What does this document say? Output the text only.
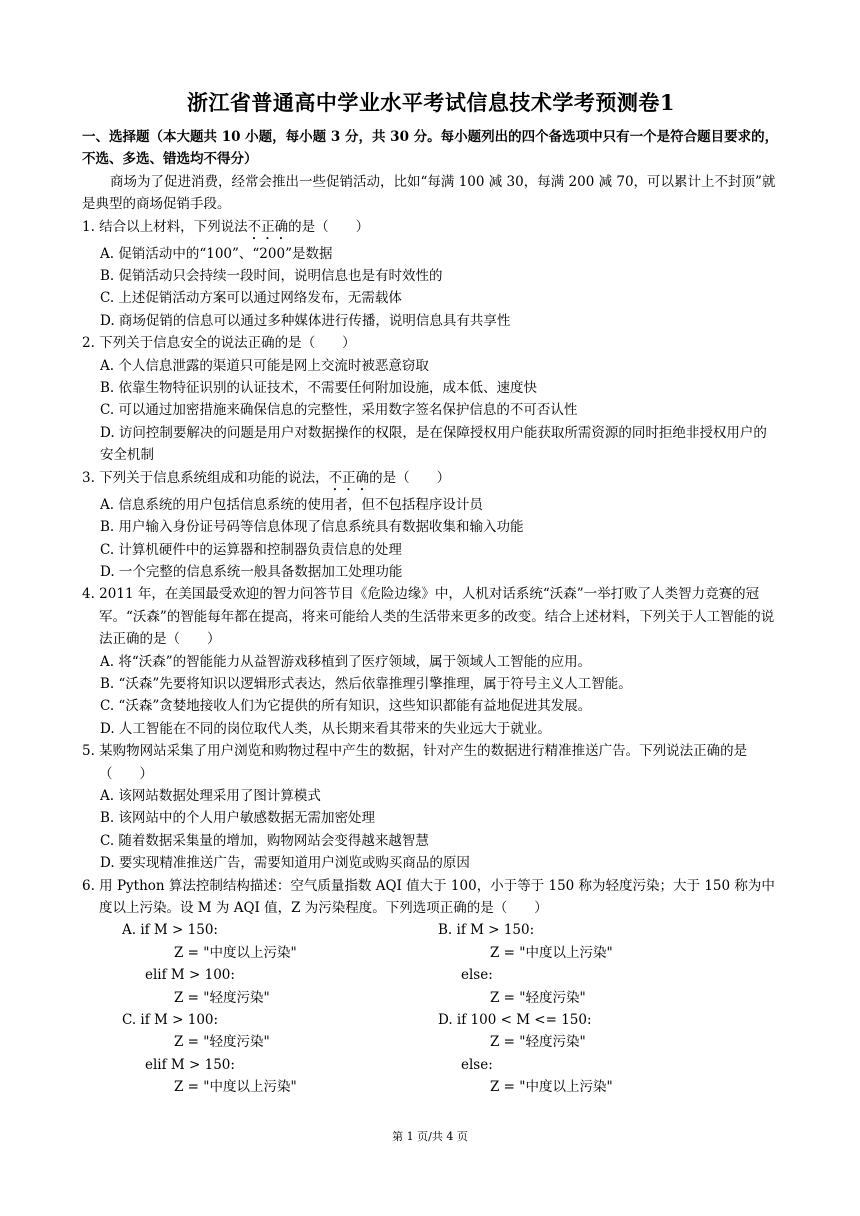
浙江省普通高中学业水平考试信息技术学考预测卷1
一、选择题（本大题共 10 小题，每小题 3 分，共 30 分。每小题列出的四个备选项中只有一个是符合题目要求的，不选、多选、错选均不得分）
商场为了促进消费，经常会推出一些促销活动，比如“每满 100 减 30，每满 200 减 70，可以累计上不封顶”就是典型的商场促销手段。
1. 结合以上材料，下列说法不正确的是（　　）
A. 促销活动中的“100”、“200”是数据
B. 促销活动只会持续一段时间，说明信息也是有时效性的
C. 上述促销活动方案可以通过网络发布，无需载体
D. 商场促销的信息可以通过多种媒体进行传播，说明信息具有共享性
2. 下列关于信息安全的说法正确的是（　　）
A. 个人信息泄露的渠道只可能是网上交流时被恶意窃取
B. 依靠生物特征识别的认证技术，不需要任何附加设施，成本低、速度快
C. 可以通过加密措施来确保信息的完整性，采用数字签名保护信息的不可否认性
D. 访问控制要解决的问题是用户对数据操作的权限，是在保障授权用户能获取所需资源的同时拒绝非授权用户的安全机制
3. 下列关于信息系统组成和功能的说法，不正确的是（　　）
A. 信息系统的用户包括信息系统的使用者，但不包括程序设计员
B. 用户输入身份证号码等信息体现了信息系统具有数据收集和输入功能
C. 计算机硬件中的运算器和控制器负责信息的处理
D. 一个完整的信息系统一般具备数据加工处理功能
4. 2011 年，在美国最受欢迎的智力问答节目《危险边缘》中，人机对话系统“沃森”一举打败了人类智力竞赛的冠军。“沃森”的智能每年都在提高，将来可能给人类的生活带来更多的改变。结合上述材料，下列关于人工智能的说法正确的是（　　）
A. 将“沃森”的智能能力从益智游戏移植到了医疗领域，属于领域人工智能的应用。
B. “沃森”先要将知识以逻辑形式表达，然后依靠推理引擎推理，属于符号主义人工智能。
C. “沃森”贪婪地接收人们为它提供的所有知识，这些知识都能有益地促进其发展。
D. 人工智能在不同的岗位取代人类，从长期来看其带来的失业远大于就业。
5. 某购物网站采集了用户浏览和购物过程中产生的数据，针对产生的数据进行精准推送广告。下列说法正确的是（　　）
A. 该网站数据处理采用了图计算模式
B. 该网站中的个人用户敏感数据无需加密处理
C. 随着数据采集量的增加，购物网站会变得越来越智慧
D. 要实现精准推送广告，需要知道用户浏览或购买商品的原因
6. 用 Python 算法控制结构描述：空气质量指数 AQI 值大于 100，小于等于 150 称为轻度污染；大于 150 称为中度以上污染。设 M 为 AQI 值，Z 为污染程度。下列选项正确的是（　　）
A. if M > 150:	B. if M > 150:
Z = "中度以上污染"	Z = "中度以上污染"
elif M > 100:	else:
Z = "轻度污染"	Z = "轻度污染"
C. if M > 100:	D. if 100 < M <= 150:
Z = "轻度污染"	Z = "轻度污染"
elif M > 150:	else:
Z = "中度以上污染"	Z = "中度以上污染"
第 1 页/共 4 页
